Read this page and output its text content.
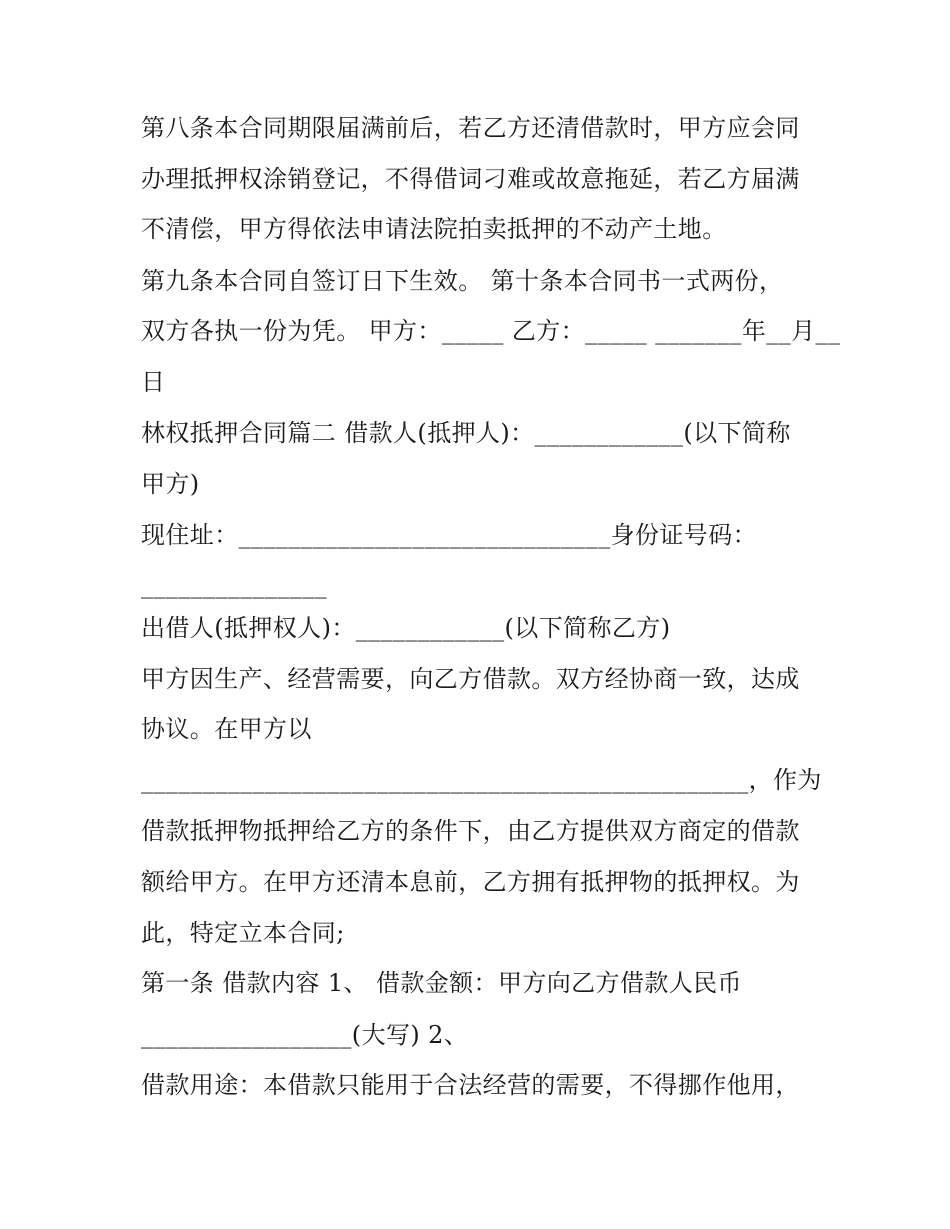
第八条本合同期限届满前后，若乙方还清借款时，甲方应会同
办理抵押权涂销登记，不得借词刁难或故意拖延，若乙方届满
不清偿，甲方得依法申请法院拍卖抵押的不动产土地。
第九条本合同自签订日下生效。 第十条本合同书一式两份，
双方各执一份为凭。 甲方：_____ 乙方：_____ _______年__月__
日
林权抵押合同篇二 借款人(抵押人)：____________(以下简称
甲方)
现住址：______________________________身份证号码：
_______________
出借人(抵押权人)：____________(以下简称乙方)
甲方因生产、经营需要，向乙方借款。双方经协商一致，达成
协议。在甲方以
_________________________________________________，作为
借款抵押物抵押给乙方的条件下，由乙方提供双方商定的借款
额给甲方。在甲方还清本息前，乙方拥有抵押物的抵押权。为
此，特定立本合同;
第一条 借款内容 1、 借款金额：甲方向乙方借款人民币
_________________(大写) 2、
借款用途：本借款只能用于合法经营的需要，不得挪作他用，
